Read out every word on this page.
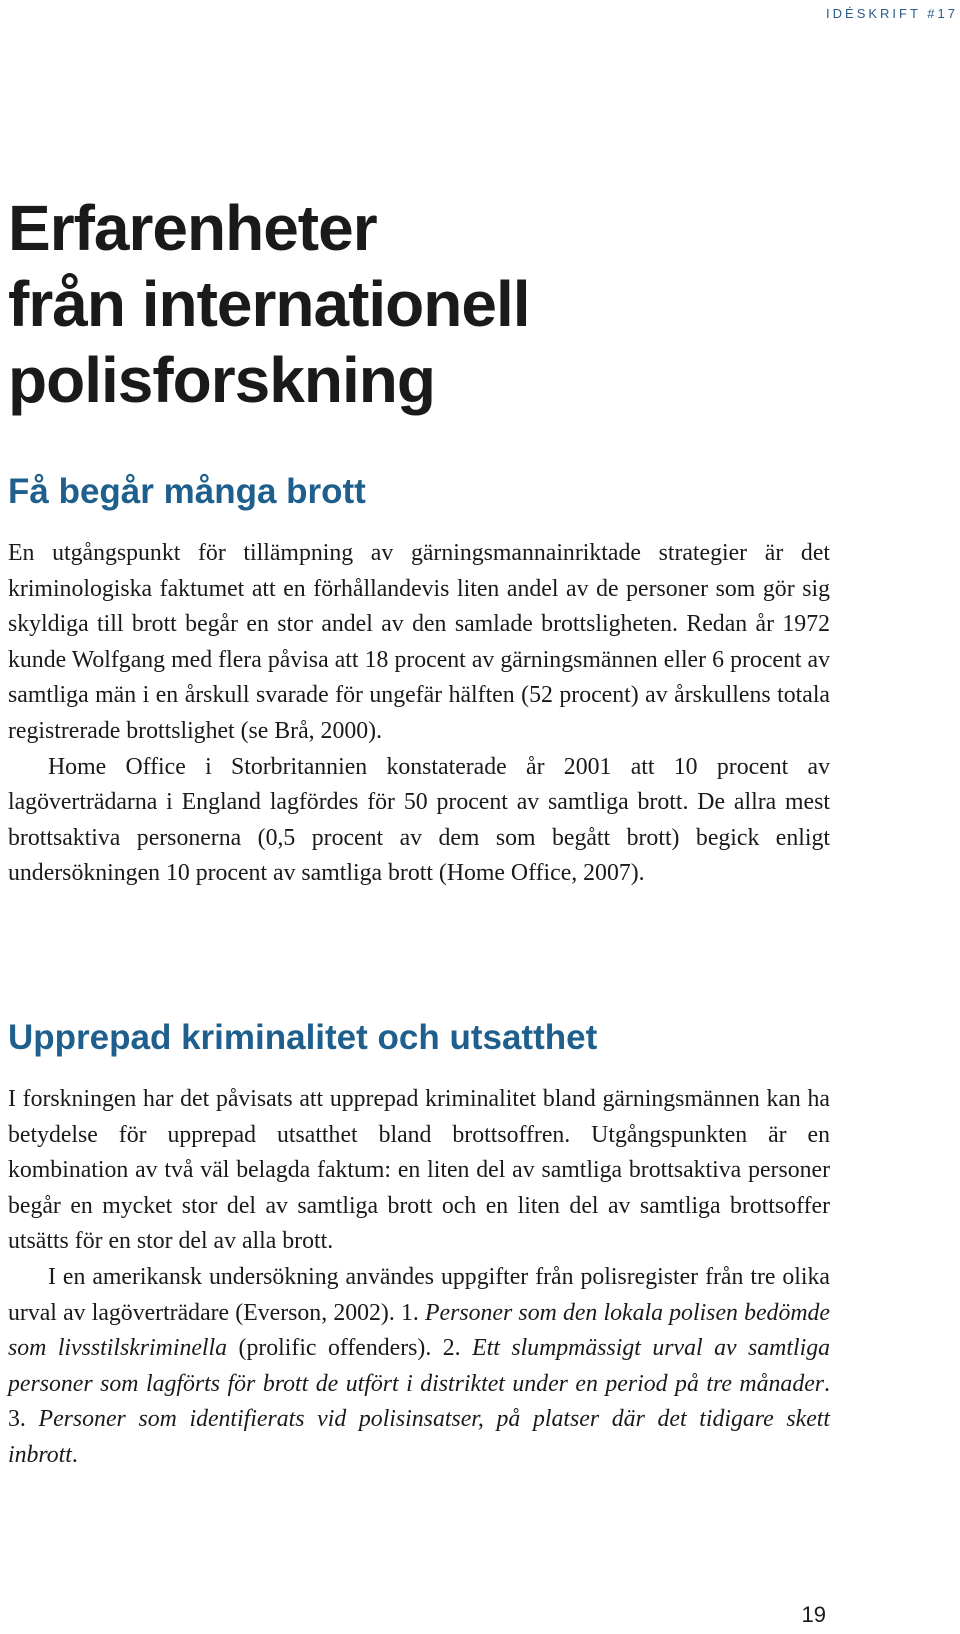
IDÉSKRIFT #17
Erfarenheter
från internationell
polisforskning
Få begår många brott

En utgångspunkt för tillämpning av gärningsmannainriktade strategier är det kriminologiska faktumet att en förhållandevis liten andel av de personer som gör sig skyldiga till brott begår en stor andel av den samlade brottsligheten. Redan år 1972 kunde Wolfgang med flera påvisa att 18 procent av gärningsmännen eller 6 procent av samtliga män i en årskull svarade för ungefär hälften (52 procent) av årskullens totala registrerade brottslighet (se Brå, 2000).

Home Office i Storbritannien konstaterade år 2001 att 10 procent av lagöverträdarna i England lagfördes för 50 procent av samtliga brott. De allra mest brottsaktiva personerna (0,5 procent av dem som begått brott) begick enligt undersökningen 10 procent av samtliga brott (Home Office, 2007).

Upprepad kriminalitet och utsatthet

I forskningen har det påvisats att upprepad kriminalitet bland gärningsmännen kan ha betydelse för upprepad utsatthet bland brottsoffren. Utgångspunkten är en kombination av två väl belagda faktum: en liten del av samtliga brottsaktiva personer begår en mycket stor del av samtliga brott och en liten del av samtliga brottsoffer utsätts för en stor del av alla brott.

I en amerikansk undersökning användes uppgifter från polisregister från tre olika urval av lagöverträdare (Everson, 2002). 1. Personer som den lokala polisen bedömde som livsstilskriminella (prolific offenders). 2. Ett slumpmässigt urval av samtliga personer som lagförts för brott de utfört i distriktet under en period på tre månader. 3. Personer som identifierats vid polisinsatser, på platser där det tidigare skett inbrott.

19
